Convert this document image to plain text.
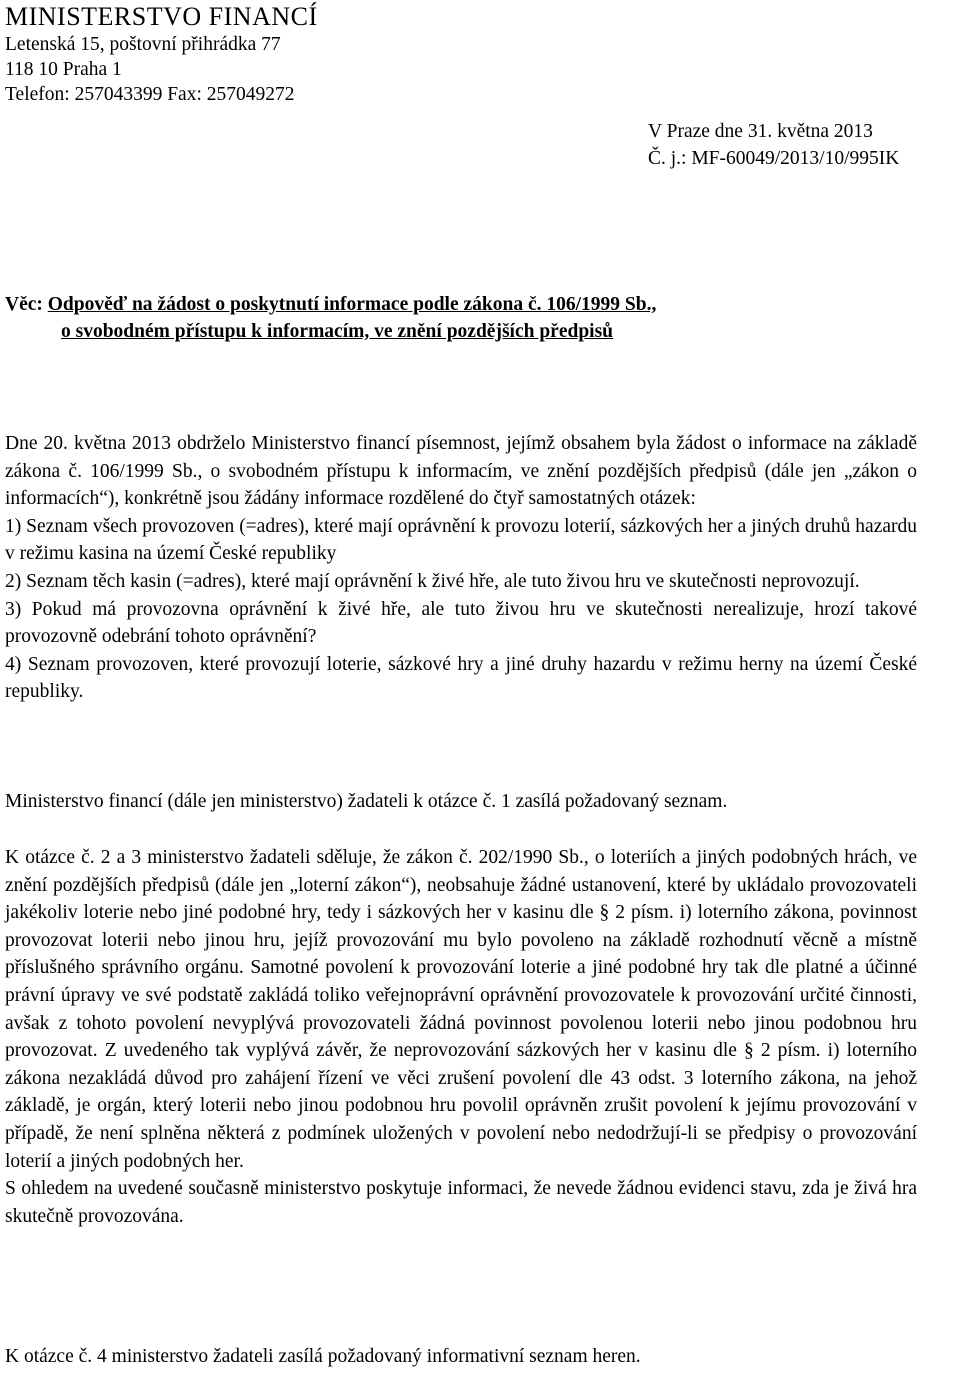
MINISTERSTVO FINANCÍ
Letenská 15, poštovní přihrádka 77
118 10 Praha 1
Telefon: 257043399 Fax: 257049272
V Praze dne 31. května 2013
Č. j.: MF-60049/2013/10/995IK
Věc: Odpověď na žádost o poskytnutí informace podle zákona č. 106/1999 Sb.,
o svobodném přístupu k informacím, ve znění pozdějších předpisů

Dne 20. května 2013 obdrželo Ministerstvo financí písemnost, jejímž obsahem byla žádost o informace na základě zákona č. 106/1999 Sb., o svobodném přístupu k informacím, ve znění pozdějších předpisů (dále jen „zákon o informacích“), konkrétně jsou žádány informace rozdělené do čtyř samostatných otázek:

1) Seznam všech provozoven (=adres), které mají oprávnění k provozu loterií, sázkových her a jiných druhů hazardu v režimu kasina na území České republiky

2) Seznam těch kasin (=adres), které mají oprávnění k živé hře, ale tuto živou hru ve skutečnosti neprovozují.

3) Pokud má provozovna oprávnění k živé hře, ale tuto živou hru ve skutečnosti nerealizuje, hrozí takové provozovně odebrání tohoto oprávnění?

4) Seznam provozoven, které provozují loterie, sázkové hry a jiné druhy hazardu v režimu herny na území České republiky.

Ministerstvo financí (dále jen ministerstvo) žadateli k otázce č. 1 zasílá požadovaný seznam.

K otázce č. 2 a 3 ministerstvo žadateli sděluje, že zákon č. 202/1990 Sb., o loteriích a jiných podobných hrách, ve znění pozdějších předpisů (dále jen „loterní zákon“), neobsahuje žádné ustanovení, které by ukládalo provozovateli jakékoliv loterie nebo jiné podobné hry, tedy i sázkových her v kasinu dle § 2 písm. i) loterního zákona, povinnost provozovat loterii nebo jinou hru, jejíž provozování mu bylo povoleno na základě rozhodnutí věcně a místně příslušného správního orgánu. Samotné povolení k provozování loterie a jiné podobné hry tak dle platné a účinné právní úpravy ve své podstatě zakládá toliko veřejnoprávní oprávnění provozovatele k provozování určité činnosti, avšak z tohoto povolení nevyplývá provozovateli žádná povinnost povolenou loterii nebo jinou podobnou hru provozovat. Z uvedeného tak vyplývá závěr, že neprovozování sázkových her v kasinu dle § 2 písm. i) loterního zákona nezakládá důvod pro zahájení řízení ve věci zrušení povolení dle 43 odst. 3 loterního zákona, na jehož základě, je orgán, který loterii nebo jinou podobnou hru povolil oprávněn zrušit povolení k jejímu provozování v případě, že není splněna některá z podmínek uložených v povolení nebo nedodržují-li se předpisy o provozování loterií a jiných podobných her.

S ohledem na uvedené současně ministerstvo poskytuje informaci, že nevede žádnou evidenci stavu, zda je živá hra skutečně provozována.

K otázce č. 4 ministerstvo žadateli zasílá požadovaný informativní seznam heren.
